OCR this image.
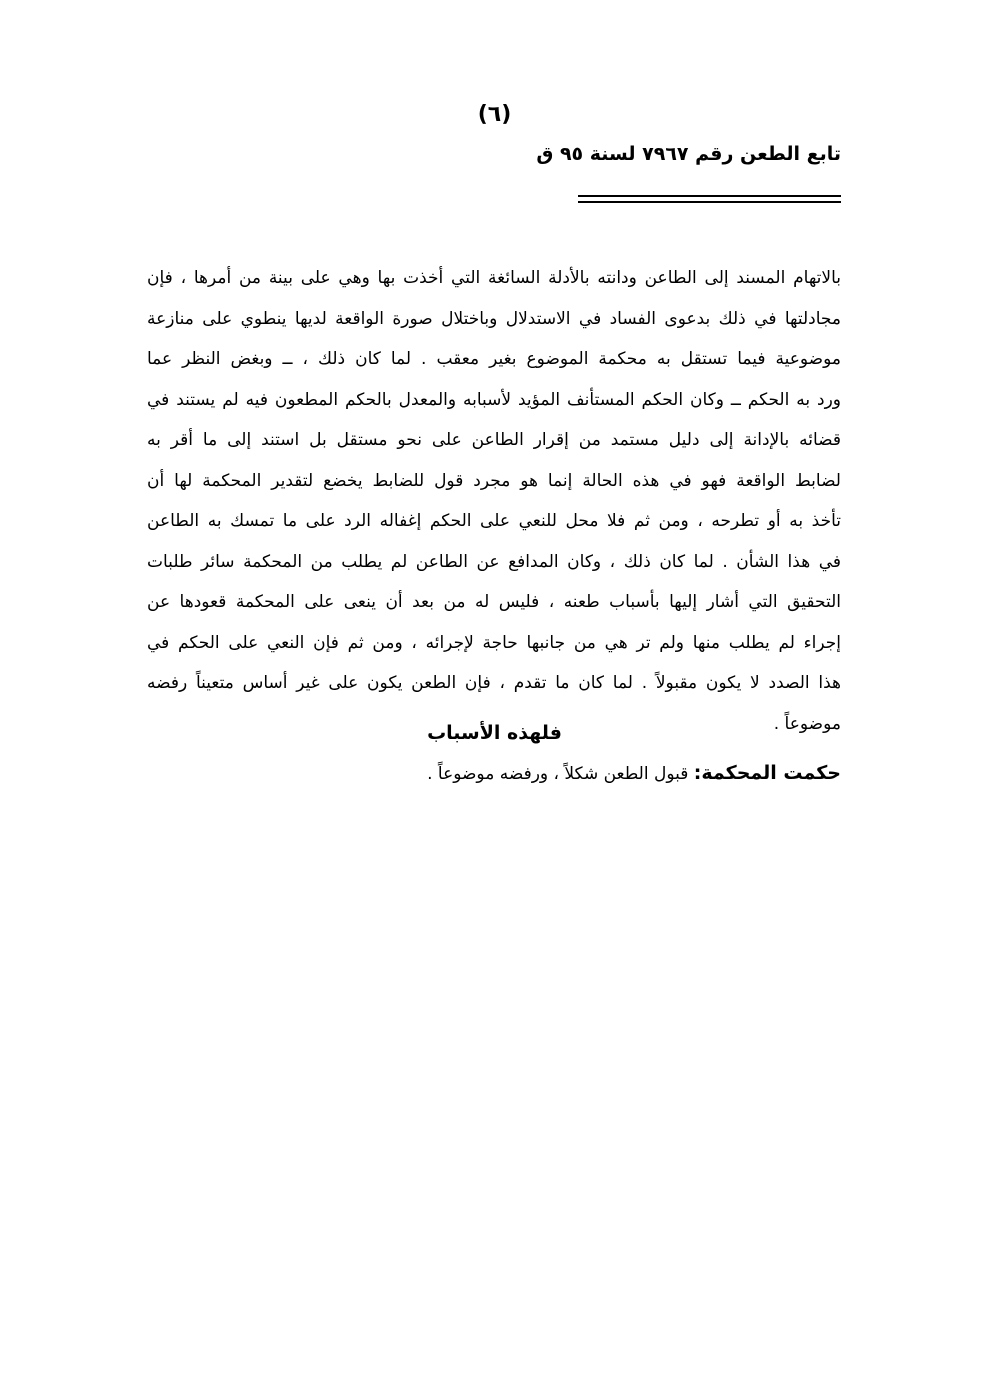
(٦)
تابع الطعن رقم ٧٩٦٧ لسنة ٩٥ ق
بالاتهام المسند إلى الطاعن ودانته بالأدلة السائغة التي أخذت بها وهي على بينة من أمرها ، فإن
مجادلتها في ذلك بدعوى الفساد في الاستدلال وباختلال صورة الواقعة لديها ينطوي على منازعة
موضوعية فيما تستقل به محكمة الموضوع بغير معقب . لما كان ذلك ، ــ وبغض النظر عما
ورد به الحكم ــ وكان الحكم المستأنف المؤيد لأسبابه والمعدل بالحكم المطعون فيه لم يستند في
قضائه بالإدانة إلى دليل مستمد من إقرار الطاعن على نحو مستقل بل استند إلى ما أقر به
لضابط الواقعة فهو في هذه الحالة إنما هو مجرد قول للضابط يخضع لتقدير المحكمة لها أن
تأخذ به أو تطرحه ، ومن ثم فلا محل للنعي على الحكم إغفاله الرد على ما تمسك به الطاعن
في هذا الشأن . لما كان ذلك ، وكان المدافع عن الطاعن لم يطلب من المحكمة سائر طلبات
التحقيق التي أشار إليها بأسباب طعنه ، فليس له من بعد أن ينعى على المحكمة قعودها عن
إجراء لم يطلب منها ولم تر هي من جانبها حاجة لإجرائه ، ومن ثم فإن النعي على الحكم في
هذا الصدد لا يكون مقبولاً . لما كان ما تقدم ، فإن الطعن يكون على غير أساس متعيناً رفضه
موضوعاً .
فلهذه الأسباب
حكمت المحكمة: قبول الطعن شكلاً ، ورفضه موضوعاً .
